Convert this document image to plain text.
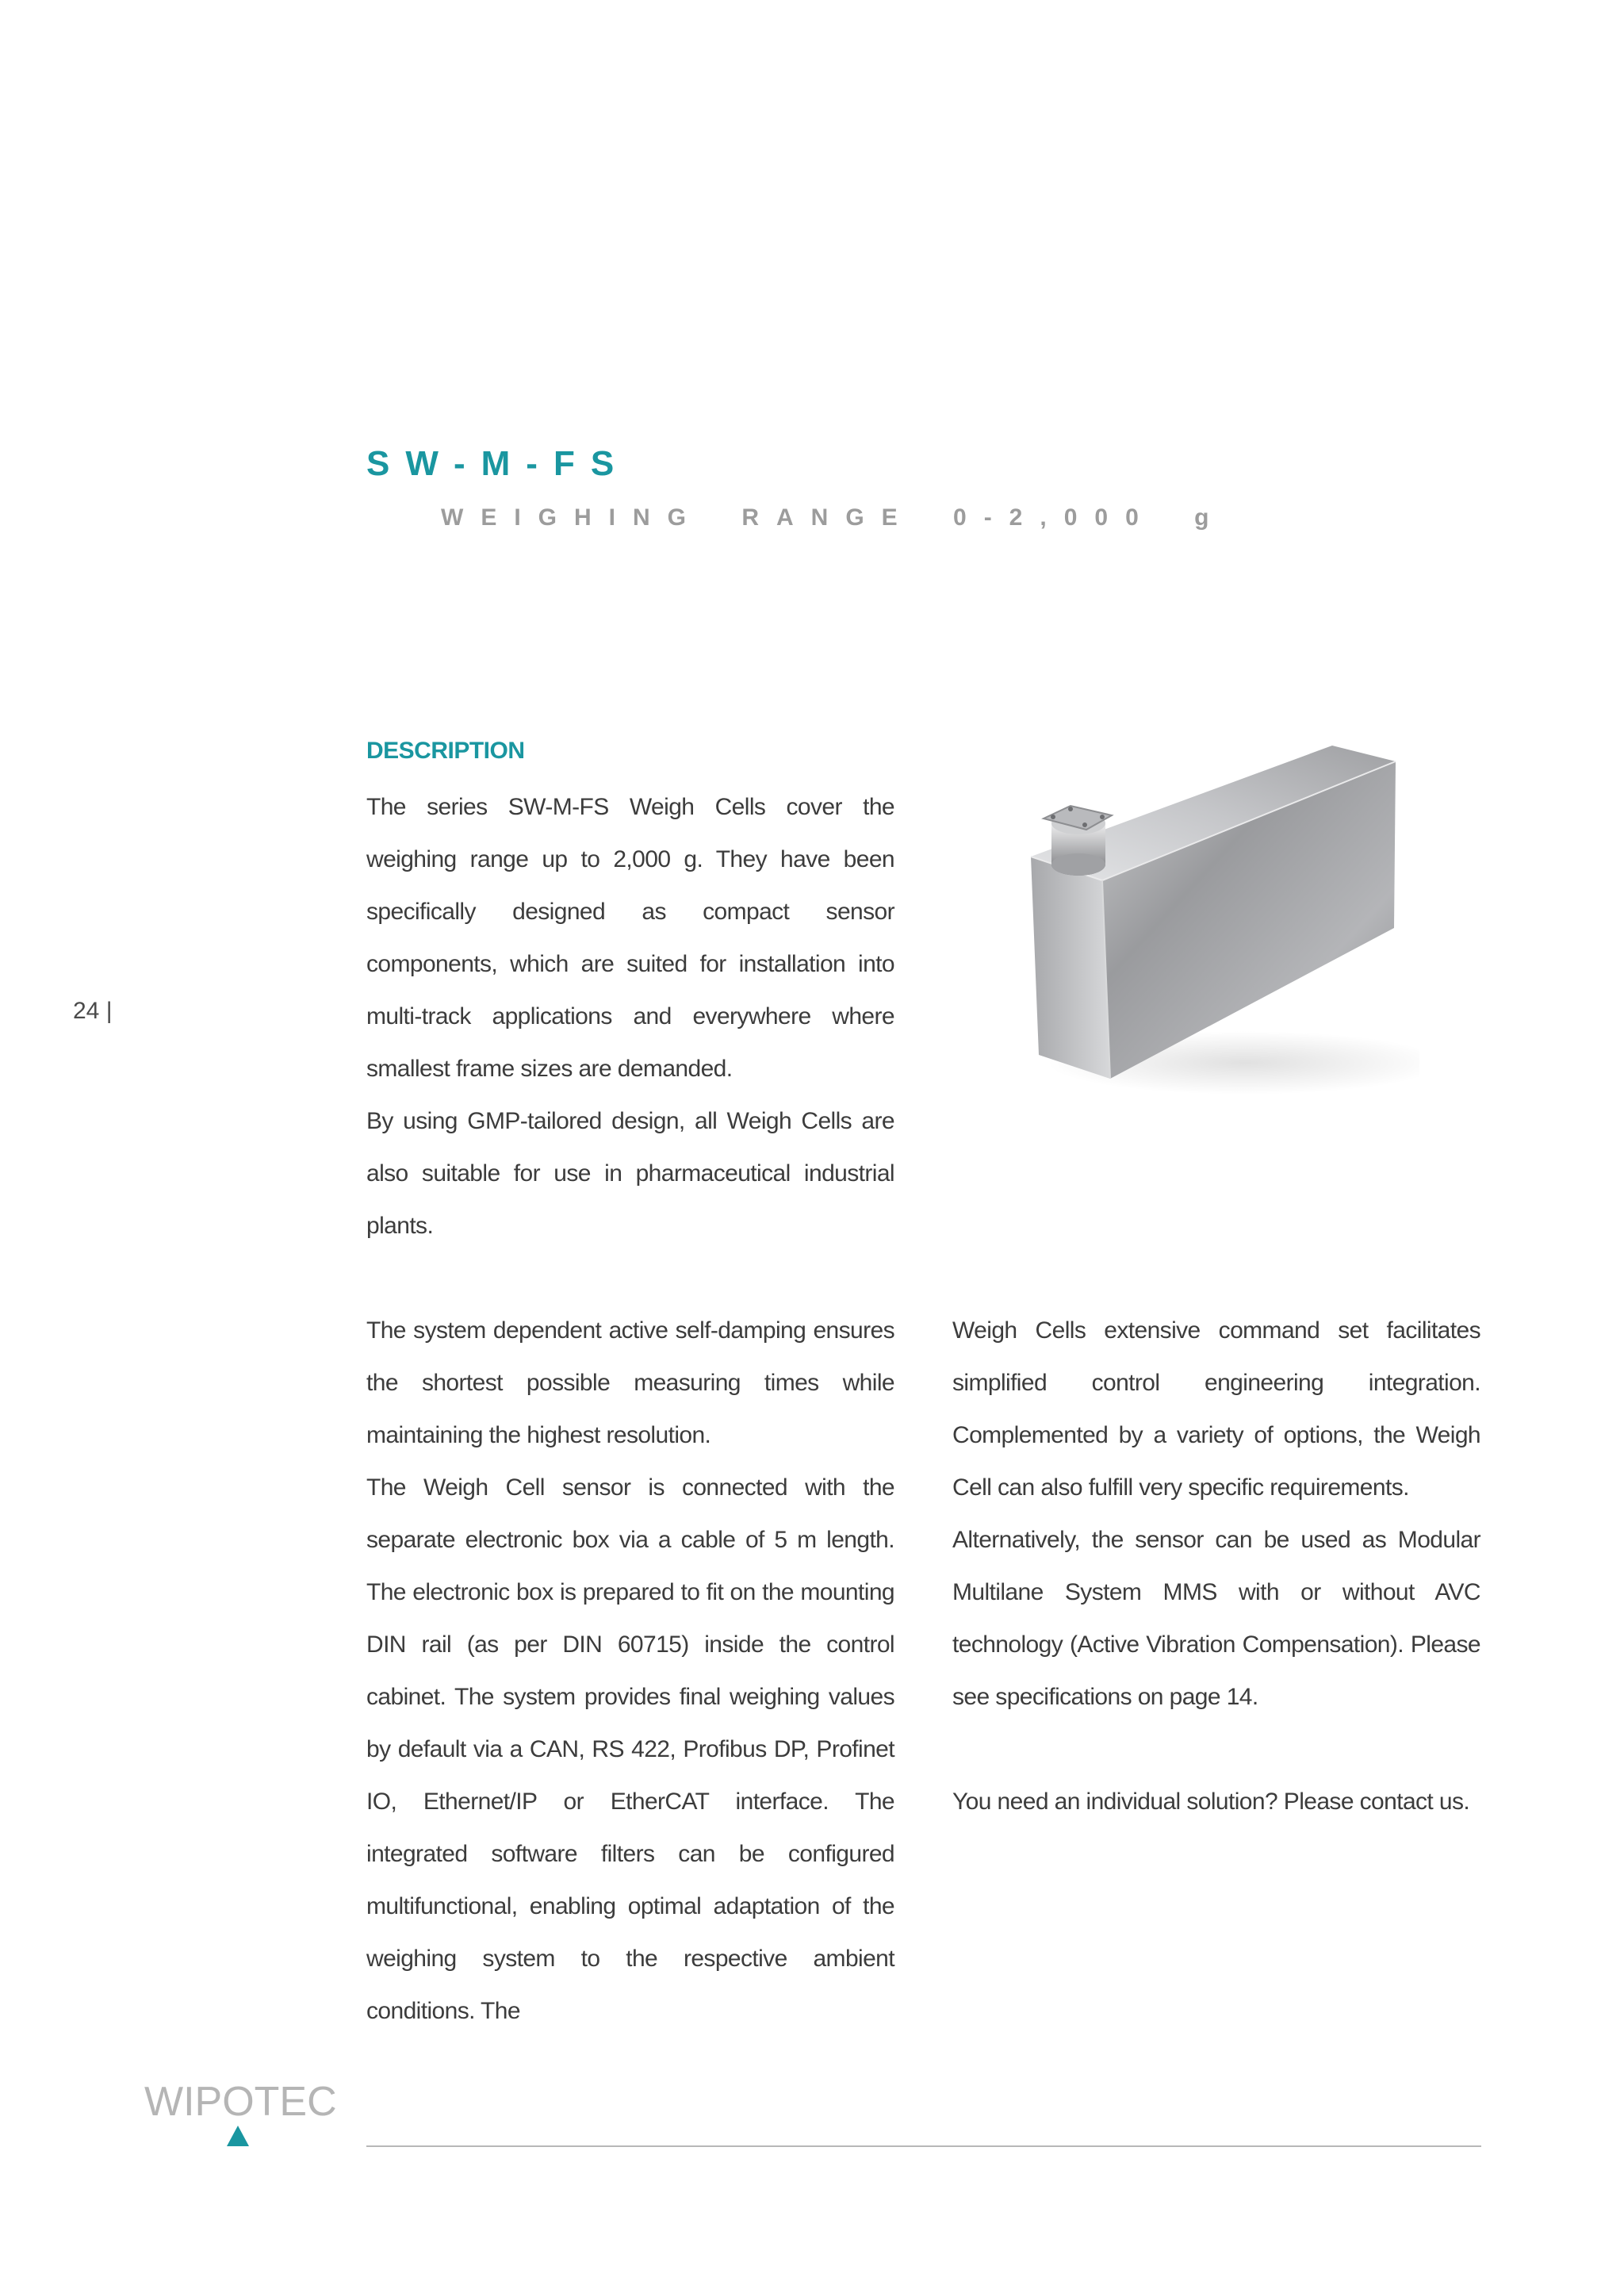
SW-M-FS
WEIGHING RANGE 0-2,000 g
24 |
DESCRIPTION

The series SW-M-FS Weigh Cells cover the weighing range up to 2,000 g. They have been specifically designed as compact sensor components, which are suited for installation into multi-track applications and everywhere where smallest frame sizes are demanded.

By using GMP-tailored design, all Weigh Cells are also suitable for use in pharmaceutical industrial plants.

The system dependent active self-damping ensures the shortest possible measuring times while maintaining the highest resolution.

The Weigh Cell sensor is connected with the separate electronic box via a cable of 5 m length. The electronic box is prepared to fit on the mounting DIN rail (as per DIN 60715) inside the control cabinet. The system provides final weighing values by default via a CAN, RS 422, Profibus DP, Profinet IO, Ethernet/IP or EtherCAT interface. The integrated software filters can be configured multifunctional, enabling optimal adaptation of the weighing system to the respective ambient conditions. The

Weigh Cells extensive command set facilitates simplified control engineering integration. Complemented by a variety of options, the Weigh Cell can also fulfill very specific requirements.

Alternatively, the sensor can be used as Modular Multilane System MMS with or without AVC technology (Active Vibration Compensation). Please see specifications on page 14.

You need an individual solution? Please contact us.

WIPOTEC
